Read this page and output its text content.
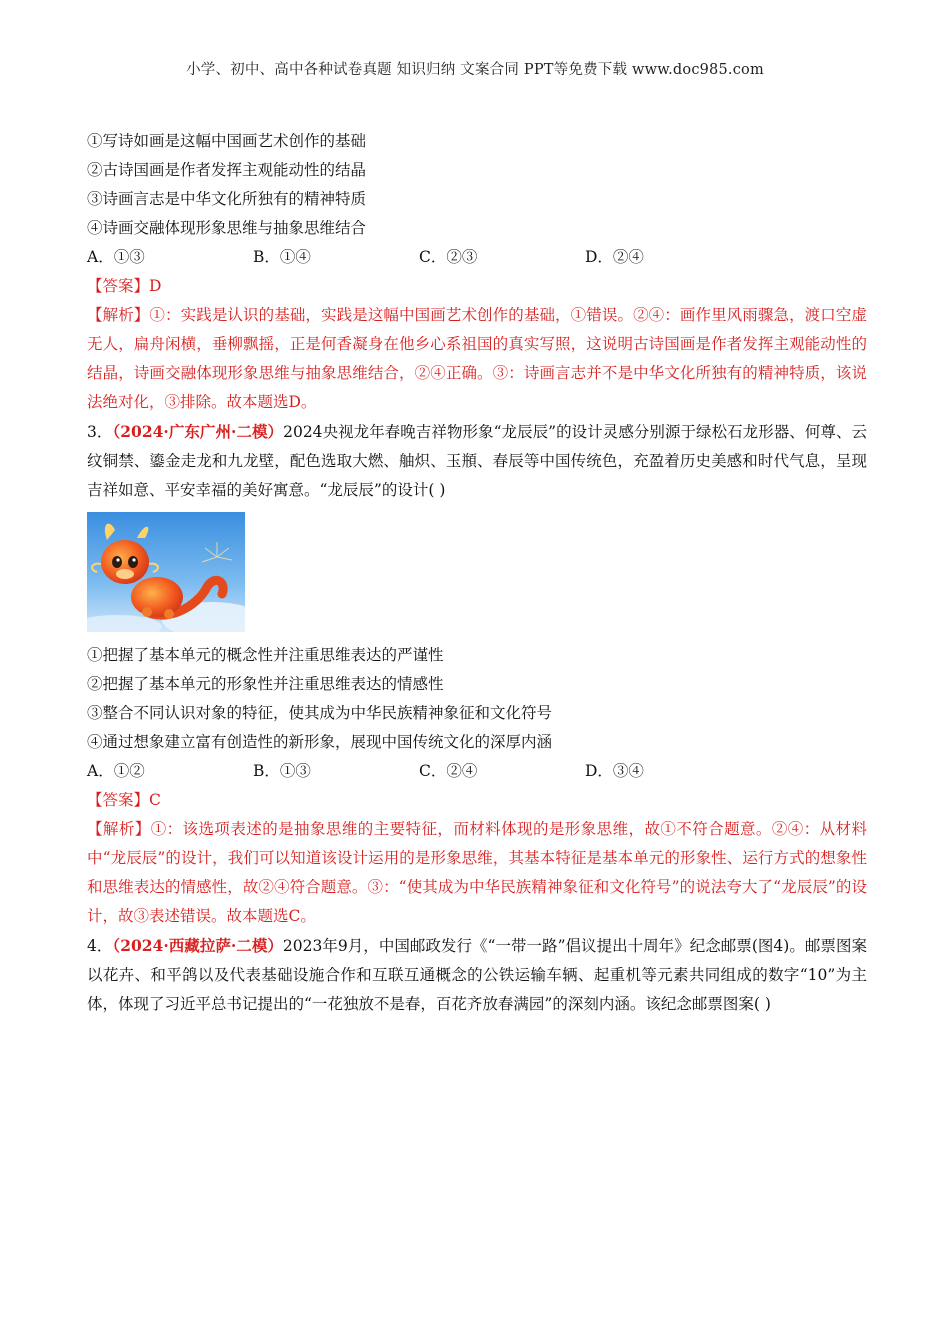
小学、初中、高中各种试卷真题 知识归纳 文案合同 PPT等免费下载 www.doc985.com
①写诗如画是这幅中国画艺术创作的基础
②古诗国画是作者发挥主观能动性的结晶
③诗画言志是中华文化所独有的精神特质
④诗画交融体现形象思维与抽象思维结合
A．①③	B．①④	C．②③	D．②④
【答案】D
【解析】①：实践是认识的基础，实践是这幅中国画艺术创作的基础，①错误。②④：画作里风雨骤急，渡口空虚无人，扁舟闲横，垂柳飘摇，正是何香凝身在他乡心系祖国的真实写照，这说明古诗国画是作者发挥主观能动性的结晶，诗画交融体现形象思维与抽象思维结合，②④正确。③：诗画言志并不是中华文化所独有的精神特质，该说法绝对化，③排除。故本题选D。
3．（2024·广东广州·二模）2024央视龙年春晚吉祥物形象“龙辰辰”的设计灵感分别源于绿松石龙形器、何尊、云纹铜禁、鎏金走龙和九龙壁，配色选取大燃、舳炽、玉頩、春辰等中国传统色，充盈着历史美感和时代气息，呈现吉祥如意、平安幸福的美好寓意。“龙辰辰”的设计( )
①把握了基本单元的概念性并注重思维表达的严谨性
②把握了基本单元的形象性并注重思维表达的情感性
③整合不同认识对象的特征，使其成为中华民族精神象征和文化符号
④通过想象建立富有创造性的新形象，展现中国传统文化的深厚内涵
A．①②	B．①③	C．②④	D．③④
【答案】C
【解析】①：该选项表述的是抽象思维的主要特征，而材料体现的是形象思维，故①不符合题意。②④：从材料中“龙辰辰”的设计，我们可以知道该设计运用的是形象思维，其基本特征是基本单元的形象性、运行方式的想象性和思维表达的情感性，故②④符合题意。③：“使其成为中华民族精神象征和文化符号”的说法夸大了“龙辰辰”的设计，故③表述错误。故本题选C。
4．（2024·西藏拉萨·二模）2023年9月，中国邮政发行《“一带一路”倡议提出十周年》纪念邮票(图4)。邮票图案以花卉、和平鸽以及代表基础设施合作和互联互通概念的公铁运输车辆、起重机等元素共同组成的数字“10”为主体，体现了习近平总书记提出的“一花独放不是春，百花齐放春满园”的深刻内涵。该纪念邮票图案( )
